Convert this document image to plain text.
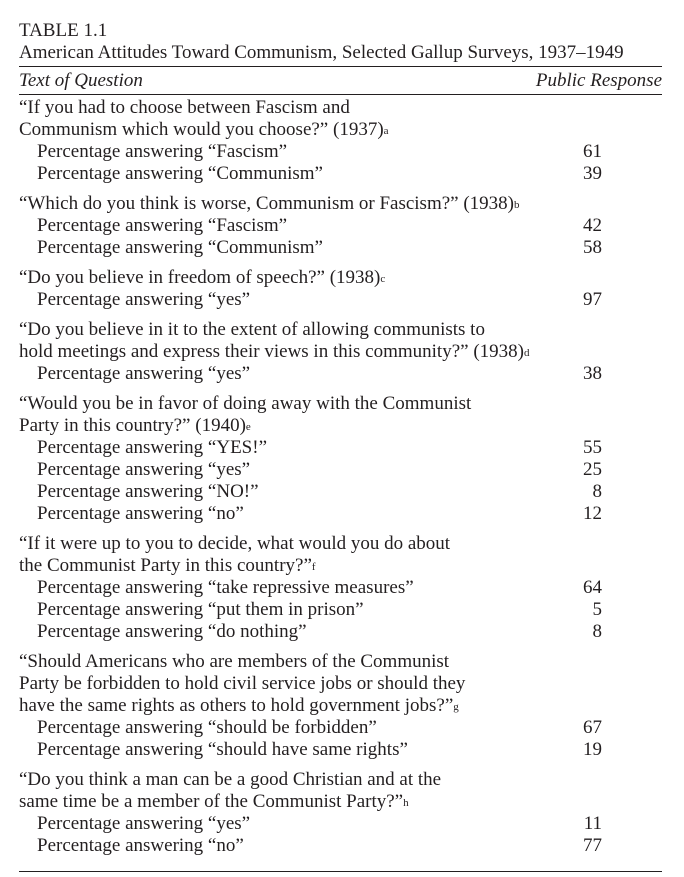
TABLE 1.1
American Attitudes Toward Communism, Selected Gallup Surveys, 1937–1949
Text of Question	Public Response
“If you had to choose between Fascism and
Communism which would you choose?” (1937)$^a$
Percentage answering “Fascism”	61
Percentage answering “Communism”	39
“Which do you think is worse, Communism or Fascism?” (1938)$^b$
Percentage answering “Fascism”	42
Percentage answering “Communism”	58
“Do you believe in freedom of speech?” (1938)$^c$
Percentage answering “yes”	97
“Do you believe in it to the extent of allowing communists to
hold meetings and express their views in this community?” (1938)$^d$
Percentage answering “yes”	38
“Would you be in favor of doing away with the Communist
Party in this country?” (1940)$^e$
Percentage answering “YES!”	55
Percentage answering “yes”	25
Percentage answering “NO!”	8
Percentage answering “no”	12
“If it were up to you to decide, what would you do about
the Communist Party in this country?”$^f$
Percentage answering “take repressive measures”	64
Percentage answering “put them in prison”	5
Percentage answering “do nothing”	8
“Should Americans who are members of the Communist
Party be forbidden to hold civil service jobs or should they
have the same rights as others to hold government jobs?”$^g$
Percentage answering “should be forbidden”	67
Percentage answering “should have same rights”	19
“Do you think a man can be a good Christian and at the
same time be a member of the Communist Party?”$^h$
Percentage answering “yes”	11
Percentage answering “no”	77
